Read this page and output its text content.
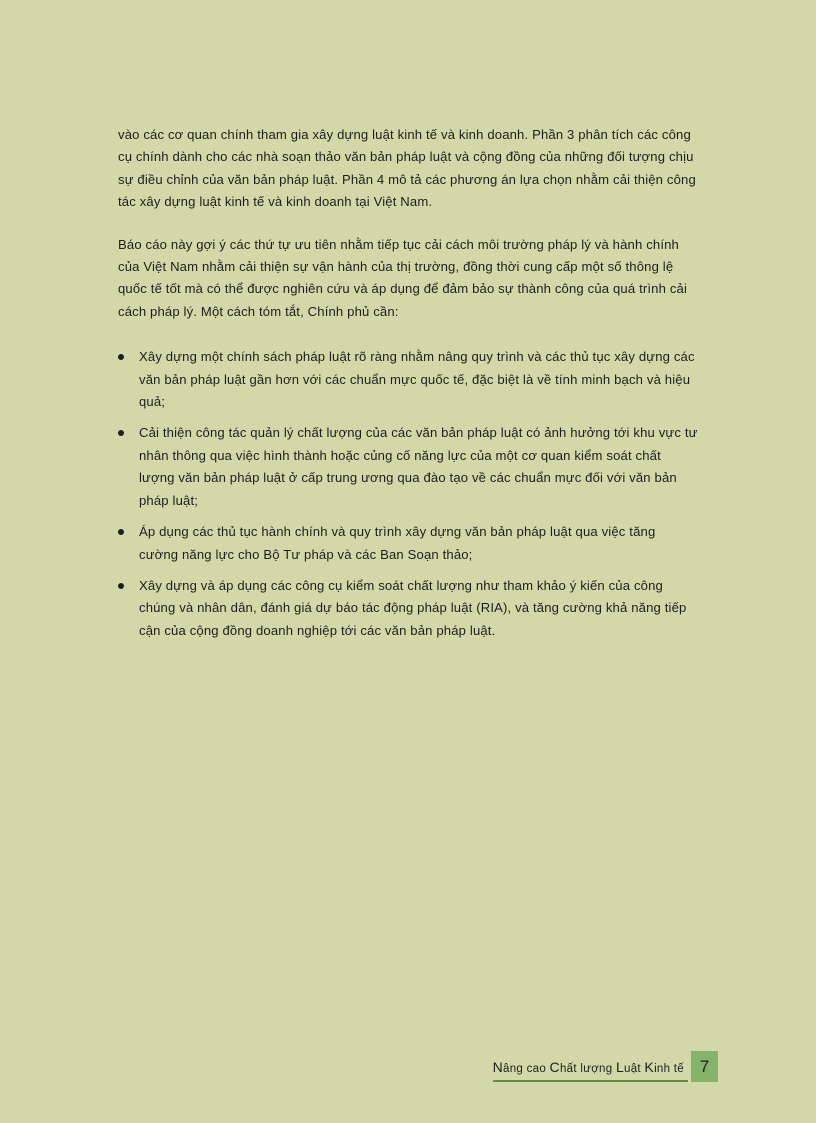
vào các cơ quan chính tham gia xây dựng luật kinh tế và kinh doanh. Phần 3 phân tích các công cụ chính dành cho các nhà soạn thảo văn bản pháp luật và cộng đồng của những đối tượng chịu sự điều chỉnh của văn bản pháp luật. Phần 4 mô tả các phương án lựa chọn nhằm cải thiện công tác xây dựng luật kinh tế và kinh doanh tại Việt Nam.

Báo cáo này gợi ý các thứ tự ưu tiên nhằm tiếp tục cải cách môi trường pháp lý và hành chính của Việt Nam nhằm cải thiện sự vận hành của thị trường, đồng thời cung cấp một số thông lệ quốc tế tốt mà có thể được nghiên cứu và áp dụng để đảm bảo sự thành công của quá trình cải cách pháp lý. Một cách tóm tắt, Chính phủ cần:

Xây dựng một chính sách pháp luật rõ ràng nhằm nâng quy trình và các thủ tục xây dựng các văn bản pháp luật gần hơn với các chuẩn mực quốc tế, đặc biệt là về tính minh bạch và hiệu quả;
Cải thiện công tác quản lý chất lượng của các văn bản pháp luật có ảnh hưởng tới khu vực tư nhân thông qua việc hình thành hoặc củng cố năng lực của một cơ quan kiểm soát chất lượng văn bản pháp luật ở cấp trung ương qua đào tạo về các chuẩn mực đối với văn bản pháp luật;
Áp dụng các thủ tục hành chính và quy trình xây dựng văn bản pháp luật qua việc tăng cường năng lực cho Bộ Tư pháp và các Ban Soạn thảo;
Xây dựng và áp dụng các công cụ kiểm soát chất lượng như tham khảo ý kiến của công chúng và nhân dân, đánh giá dự báo tác động pháp luật (RIA), và tăng cường khả năng tiếp cận của cộng đồng doanh nghiệp tới các văn bản pháp luật.
Nâng cao Chất lượng Luật Kinh tế 7
